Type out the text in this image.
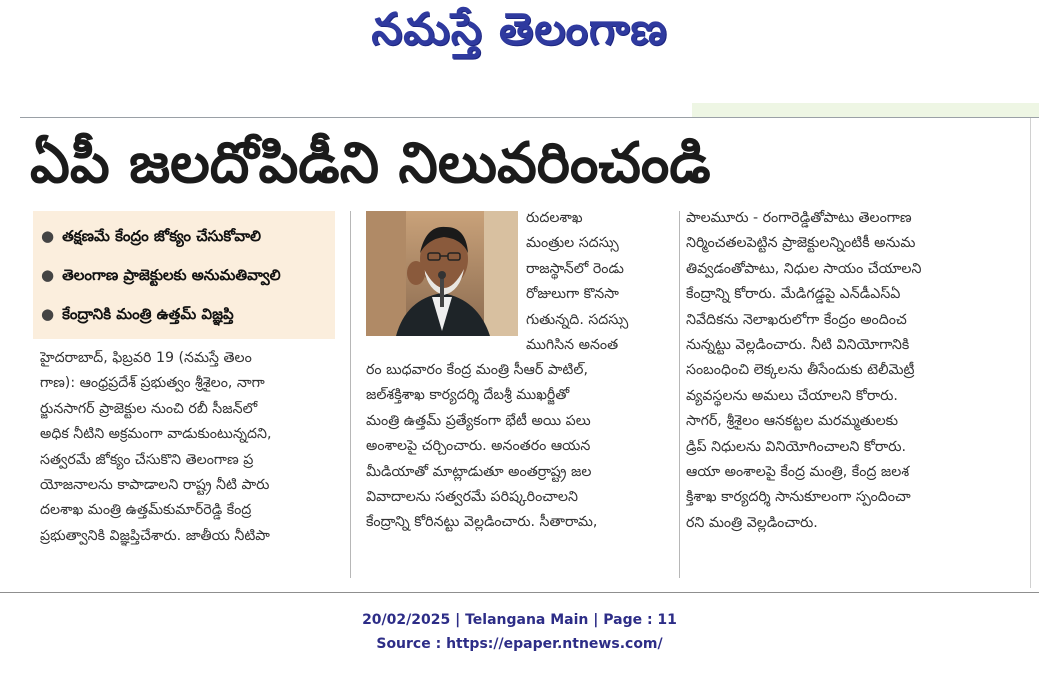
నమస్తే తెలంగాణ
ఏపీ జలదోపిడీని నిలువరించండి
● తక్షణమే కేంద్రం జోక్యం చేసుకోవాలి
● తెలంగాణ ప్రాజెక్టులకు అనుమతివ్వాలి
● కేంద్రానికి మంత్రి ఉత్తమ్ విజ్ఞప్తి
హైదరాబాద్, ఫిబ్రవరి 19 (నమస్తే తెలం
గాణ): ఆంధ్రప్రదేశ్ ప్రభుత్వం శ్రీశైలం, నాగా
ర్జునసాగర్ ప్రాజెక్టుల నుంచి రబీ సీజన్‌లో
అధిక నీటిని అక్రమంగా వాడుకుంటున్నదని,
సత్వరమే జోక్యం చేసుకొని తెలంగాణ ప్ర
యోజనాలను కాపాడాలని రాష్ట్ర నీటి పారు
దలశాఖ మంత్రి ఉత్తమ్‌కుమార్‌రెడ్డి కేంద్ర
ప్రభుత్వానికి విజ్ఞప్తిచేశారు. జాతీయ నీటిపా
రుదలశాఖ
మంత్రుల సదస్సు
రాజస్థాన్‌లో రెండు
రోజులుగా కొనసా
గుతున్నది. సదస్సు
ముగిసిన అనంత
రం బుధవారం కేంద్ర మంత్రి సీఆర్ పాటిల్,
జల్‌శక్తిశాఖ కార్యదర్శి దేబశ్రీ ముఖర్జీతో
మంత్రి ఉత్తమ్ ప్రత్యేకంగా భేటీ అయి పలు
అంశాలపై చర్చించారు. అనంతరం ఆయన
మీడియాతో మాట్లాడుతూ అంతర్రాష్ట్ర జల
వివాదాలను సత్వరమే పరిష్కరించాలని
కేంద్రాన్ని కోరినట్టు వెల్లడించారు. సీతారామ,
పాలమూరు - రంగారెడ్డితోపాటు తెలంగాణ
నిర్మించతలపెట్టిన ప్రాజెక్టులన్నింటికీ అనుమ
తివ్వడంతోపాటు, నిధుల సాయం చేయాలని
కేంద్రాన్ని కోరారు. మేడిగడ్డపై ఎన్‌డీఎస్‌ఏ
నివేదికను నెలాఖరులోగా కేంద్రం అందించ
నున్నట్టు వెల్లడించారు. నీటి వినియోగానికి
సంబంధించి లెక్కలను తీసేందుకు టెలీమెట్రీ
వ్యవస్థలను అమలు చేయాలని కోరారు.
సాగర్, శ్రీశైలం ఆనకట్టల మరమ్మతులకు
డ్రిప్ నిధులను వినియోగించాలని కోరారు.
ఆయా అంశాలపై కేంద్ర మంత్రి, కేంద్ర జలశ
క్తిశాఖ కార్యదర్శి సానుకూలంగా స్పందించా
రని మంత్రి వెల్లడించారు.
20/02/2025 | Telangana Main | Page : 11
Source : https://epaper.ntnews.com/
